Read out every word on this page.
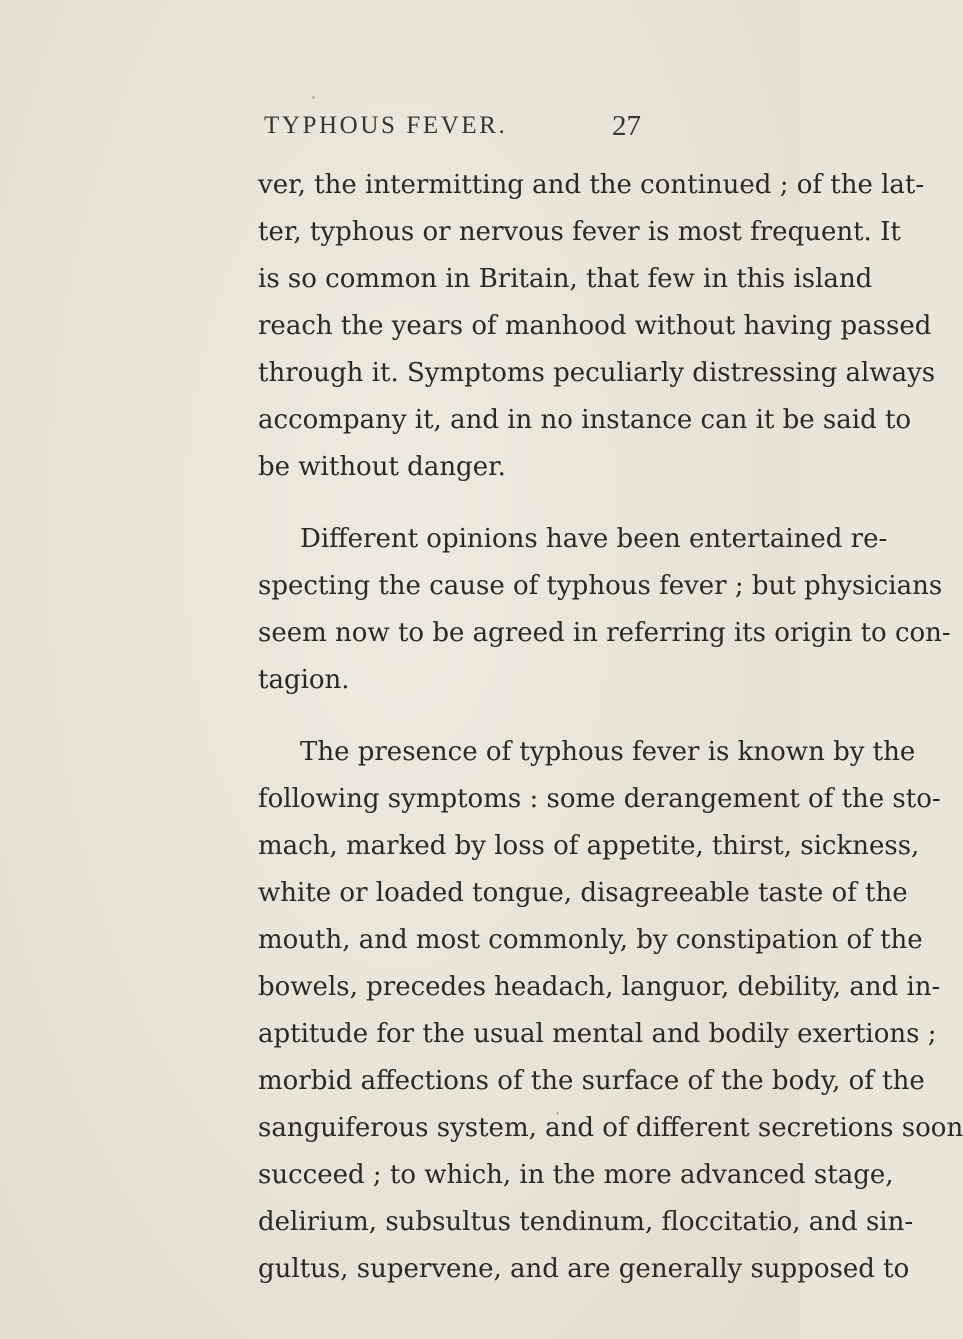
TYPHOUS FEVER.	27
ver, the intermitting and the continued ; of the lat-
ter, typhous or nervous fever is most frequent. It
is so common in Britain, that few in this island
reach the years of manhood without having passed
through it. Symptoms peculiarly distressing always
accompany it, and in no instance can it be said to
be without danger.
Different opinions have been entertained re-
specting the cause of typhous fever ; but physicians
seem now to be agreed in referring its origin to con-
tagion.
The presence of typhous fever is known by the
following symptoms : some derangement of the sto-
mach, marked by loss of appetite, thirst, sickness,
white or loaded tongue, disagreeable taste of the
mouth, and most commonly, by constipation of the
bowels, precedes headach, languor, debility, and in-
aptitude for the usual mental and bodily exertions ;
morbid affections of the surface of the body, of the
sanguiferous system, and of different secretions soon
succeed ; to which, in the more advanced stage,
delirium, subsultus tendinum, floccitatio, and sin-
gultus, supervene, and are generally supposed to
